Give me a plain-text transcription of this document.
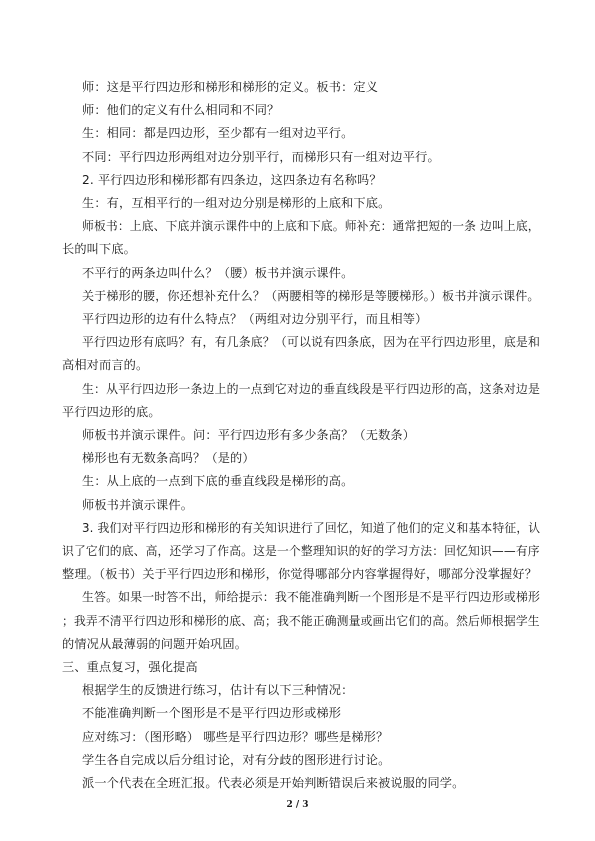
师：这是平行四边形和梯形和梯形的定义。板书：定义
师：他们的定义有什么相同和不同？
生：相同：都是四边形，至少都有一组对边平行。
不同：平行四边形两组对边分别平行，而梯形只有一组对边平行。
2. 平行四边形和梯形都有四条边，这四条边有名称吗？
生：有，互相平行的一组对边分别是梯形的上底和下底。
师板书：上底、下底并演示课件中的上底和下底。师补充：通常把短的一条 边叫上底，
长的叫下底。
不平行的两条边叫什么？（腰）板书并演示课件。
关于梯形的腰，你还想补充什么？（两腰相等的梯形是等腰梯形。）板书并演示课件。
平行四边形的边有什么特点？（两组对边分别平行，而且相等）
平行四边形有底吗？有，有几条底？（可以说有四条底，因为在平行四边形里，底是和
高相对而言的。
生：从平行四边形一条边上的一点到它对边的垂直线段是平行四边形的高，这条对边是
平行四边形的底。
师板书并演示课件。问：平行四边形有多少条高？（无数条）
梯形也有无数条高吗？（是的）
生：从上底的一点到下底的垂直线段是梯形的高。
师板书并演示课件。
3. 我们对平行四边形和梯形的有关知识进行了回忆，知道了他们的定义和基本特征，认
识了它们的底、高，还学习了作高。这是一个整理知识的好的学习方法：回忆知识——有序
整理。（板书）关于平行四边形和梯形，你觉得哪部分内容掌握得好，哪部分没掌握好？
生答。如果一时答不出，师给提示：我不能准确判断一个图形是不是平行四边形或梯形
；我弄不清平行四边形和梯形的底、高；我不能正确测量或画出它们的高。然后师根据学生
的情况从最薄弱的问题开始巩固。
三、重点复习，强化提高
根据学生的反馈进行练习，估计有以下三种情况：
不能准确判断一个图形是不是平行四边形或梯形
应对练习：（图形略） 哪些是平行四边形？哪些是梯形？
学生各自完成以后分组讨论，对有分歧的图形进行讨论。
派一个代表在全班汇报。代表必须是开始判断错误后来被说服的同学。
2 / 3
